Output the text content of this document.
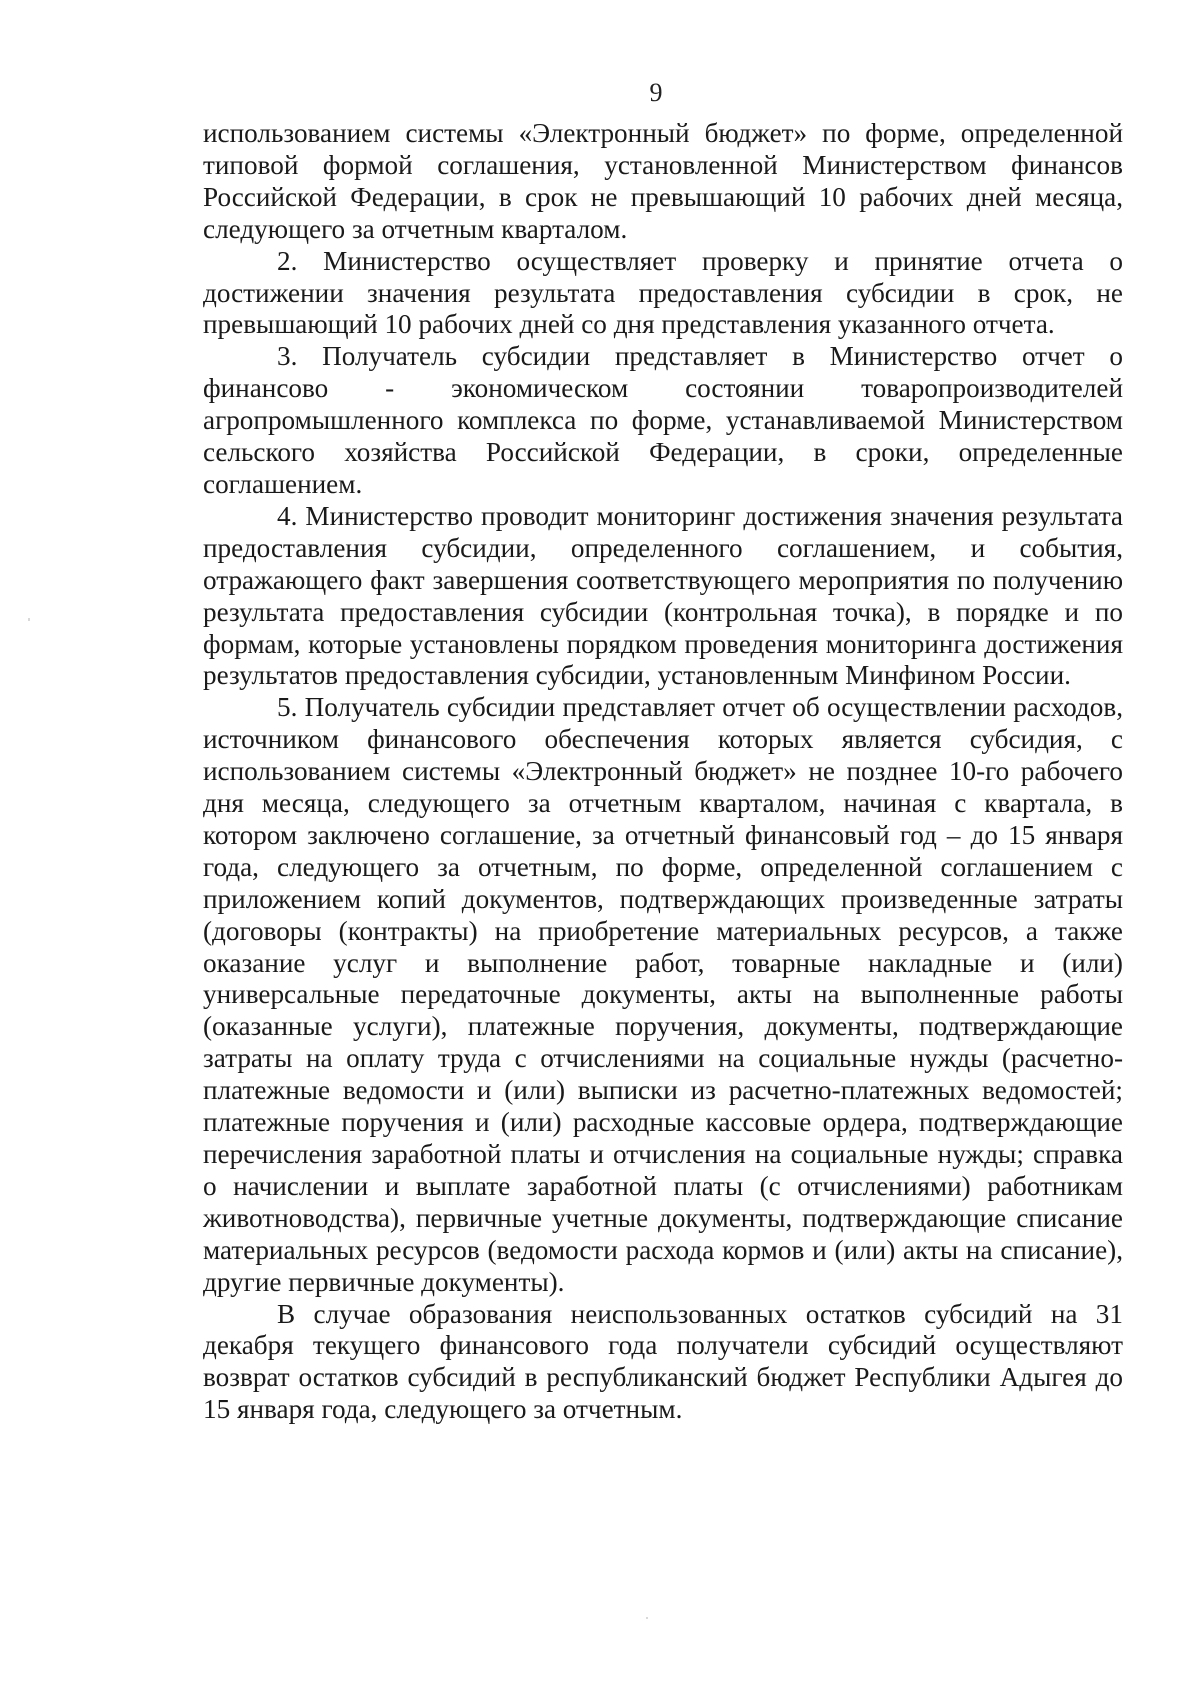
9

использованием системы «Электронный бюджет» по форме, определенной типовой формой соглашения, установленной Министерством финансов Российской Федерации, в срок не превышающий 10 рабочих дней месяца, следующего за отчетным кварталом.

2. Министерство осуществляет проверку и принятие отчета о достижении значения результата предоставления субсидии в срок, не превышающий 10 рабочих дней со дня представления указанного отчета.

3. Получатель субсидии представляет в Министерство отчет о финансово - экономическом состоянии товаропроизводителей агропромышленного комплекса по форме, устанавливаемой Министерством сельского хозяйства Российской Федерации, в сроки, определенные соглашением.

4. Министерство проводит мониторинг достижения значения результата предоставления субсидии, определенного соглашением, и события, отражающего факт завершения соответствующего мероприятия по получению результата предоставления субсидии (контрольная точка), в порядке и по формам, которые установлены порядком проведения мониторинга достижения результатов предоставления субсидии, установленным Минфином России.

5. Получатель субсидии представляет отчет об осуществлении расходов, источником финансового обеспечения которых является субсидия, с использованием системы «Электронный бюджет» не позднее 10-го рабочего дня месяца, следующего за отчетным кварталом, начиная с квартала, в котором заключено соглашение, за отчетный финансовый год – до 15 января года, следующего за отчетным, по форме, определенной соглашением с приложением копий документов, подтверждающих произведенные затраты (договоры (контракты) на приобретение материальных ресурсов, а также оказание услуг и выполнение работ, товарные накладные и (или) универсальные передаточные документы, акты на выполненные работы (оказанные услуги), платежные поручения, документы, подтверждающие затраты на оплату труда с отчислениями на социальные нужды (расчетно-платежные ведомости и (или) выписки из расчетно-платежных ведомостей; платежные поручения и (или) расходные кассовые ордера, подтверждающие перечисления заработной платы и отчисления на социальные нужды; справка о начислении и выплате заработной платы (с отчислениями) работникам животноводства), первичные учетные документы, подтверждающие списание материальных ресурсов (ведомости расхода кормов и (или) акты на списание), другие первичные документы).

В случае образования неиспользованных остатков субсидий на 31 декабря текущего финансового года получатели субсидий осуществляют возврат остатков субсидий в республиканский бюджет Республики Адыгея до 15 января года, следующего за отчетным.
